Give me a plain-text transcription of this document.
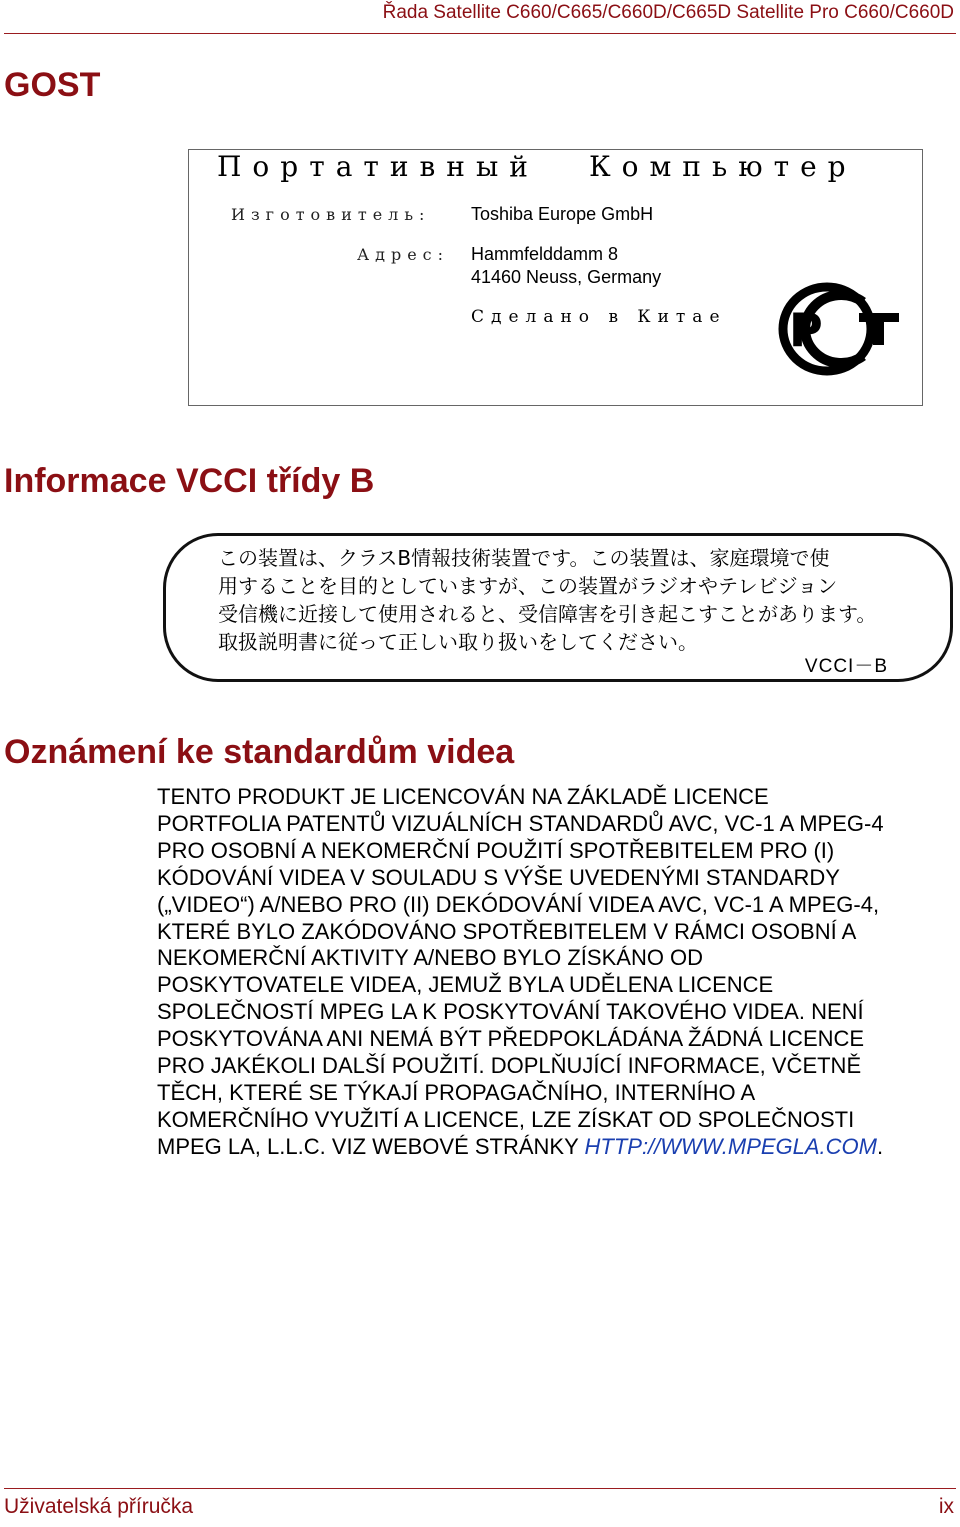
Řada Satellite C660/C665/C660D/C665D Satellite Pro C660/C660D
GOST
Портативный Компьютер
Изготовитель: Toshiba Europe GmbH
Адрес: Hammfelddamm 8
41460 Neuss, Germany
Сделано в Китае P
Informace VCCI třídy B
この装置は、クラスB情報技術装置です。この装置は、家庭環境で使
用することを目的としていますが、この装置がラジオやテレビジョン
受信機に近接して使用されると、受信障害を引き起こすことがあります。
取扱説明書に従って正しい取り扱いをしてください。
VCCI－B
Oznámení ke standardům videa

TENTO PRODUKT JE LICENCOVÁN NA ZÁKLADĚ LICENCE
PORTFOLIA PATENTŮ VIZUÁLNÍCH STANDARDŮ AVC, VC-1 A MPEG-4
PRO OSOBNÍ A NEKOMERČNÍ POUŽITÍ SPOTŘEBITELEM PRO (I)
KÓDOVÁNÍ VIDEA V SOULADU S VÝŠE UVEDENÝMI STANDARDY
(„VIDEO“) A/NEBO PRO (II) DEKÓDOVÁNÍ VIDEA AVC, VC-1 A MPEG-4,
KTERÉ BYLO ZAKÓDOVÁNO SPOTŘEBITELEM V RÁMCI OSOBNÍ A
NEKOMERČNÍ AKTIVITY A/NEBO BYLO ZÍSKÁNO OD
POSKYTOVATELE VIDEA, JEMUŽ BYLA UDĚLENA LICENCE
SPOLEČNOSTÍ MPEG LA K POSKYTOVÁNÍ TAKOVÉHO VIDEA. NENÍ
POSKYTOVÁNA ANI NEMÁ BÝT PŘEDPOKLÁDÁNA ŽÁDNÁ LICENCE
PRO JAKÉKOLI DALŠÍ POUŽITÍ. DOPLŇUJÍCÍ INFORMACE, VČETNĚ
TĚCH, KTERÉ SE TÝKAJÍ PROPAGAČNÍHO, INTERNÍHO A
KOMERČNÍHO VYUŽITÍ A LICENCE, LZE ZÍSKAT OD SPOLEČNOSTI
MPEG LA, L.L.C. VIZ WEBOVÉ STRÁNKY HTTP://WWW.MPEGLA.COM.

Uživatelská příručka	ix
